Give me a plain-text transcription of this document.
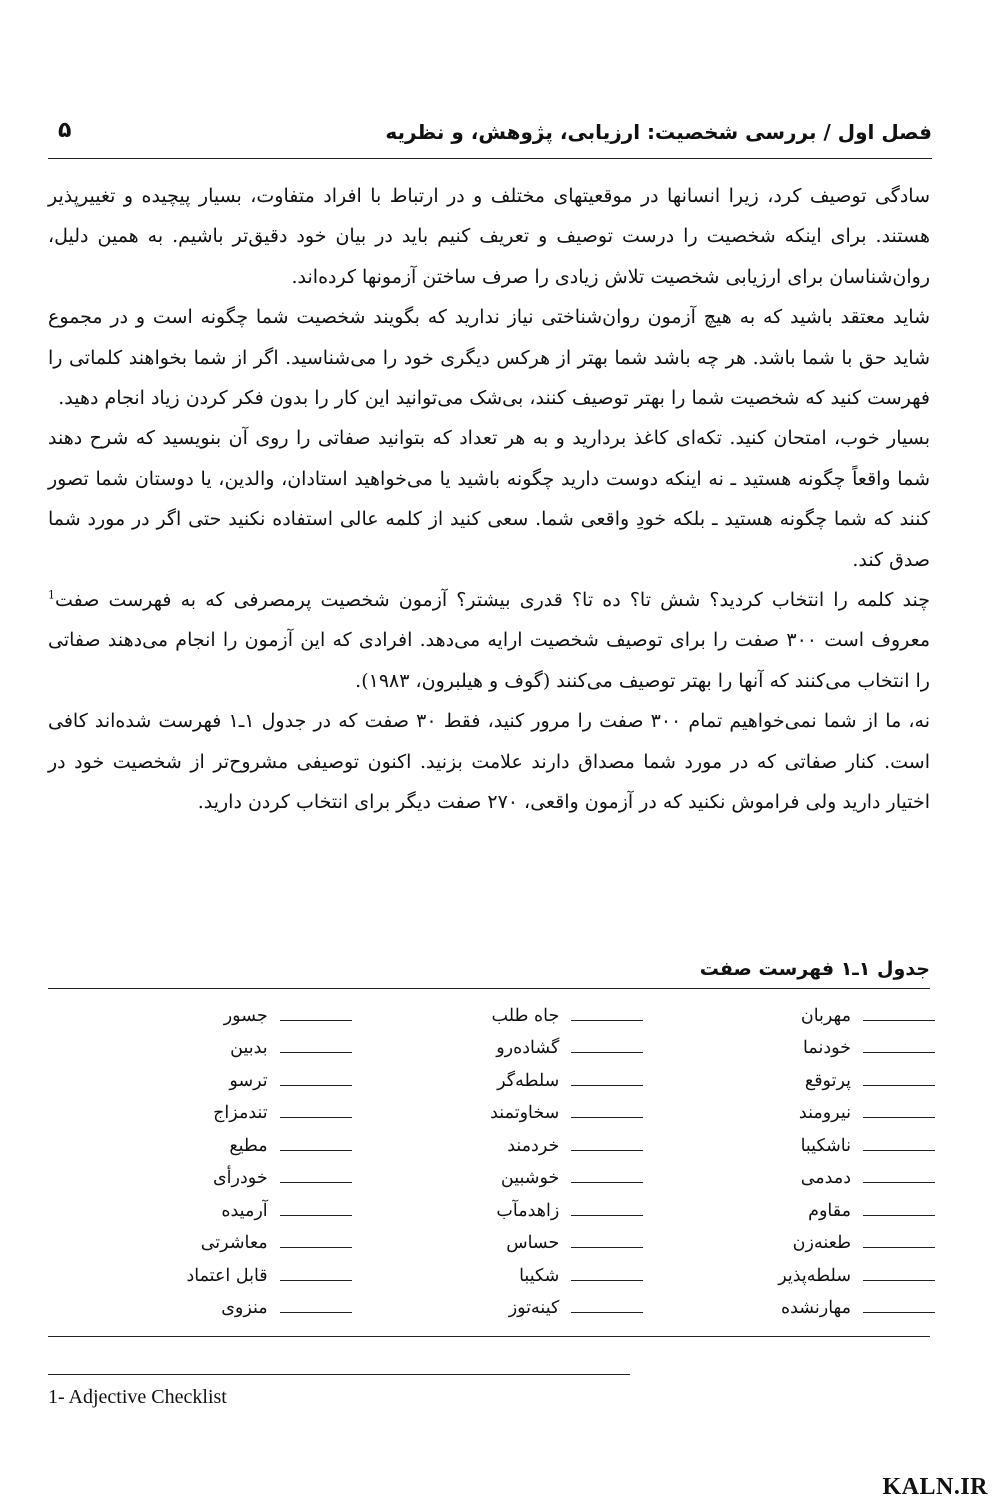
فصل اول / بررسی شخصیت: ارزیابی، پژوهش، و نظریه
۵

سادگی توصیف کرد، زیرا انسانها در موقعیتهای مختلف و در ارتباط با افراد متفاوت، بسیار پیچیده و تغییرپذیر هستند. برای اینکه شخصیت را درست توصیف و تعریف کنیم باید در بیان خود دقیق‌تر باشیم. به همین دلیل، روان‌شناسان برای ارزیابی شخصیت تلاش زیادی را صرف ساختن آزمونها کرده‌اند.

شاید معتقد باشید که به هیچ آزمون روان‌شناختی نیاز ندارید که بگویند شخصیت شما چگونه است و در مجموع شاید حق با شما باشد. هر چه باشد شما بهتر از هرکس دیگری خود را می‌شناسید. اگر از شما بخواهند کلماتی را فهرست کنید که شخصیت شما را بهتر توصیف کنند، بی‌شک می‌توانید این کار را بدون فکر کردن زیاد انجام دهید.

بسیار خوب، امتحان کنید. تکه‌ای کاغذ بردارید و به هر تعداد که بتوانید صفاتی را روی آن بنویسید که شرح دهند شما واقعاً چگونه هستید ـ نه اینکه دوست دارید چگونه باشید یا می‌خواهید استادان، والدین، یا دوستان شما تصور کنند که شما چگونه هستید ـ بلکه خودِ واقعی شما. سعی کنید از کلمه عالی استفاده نکنید حتی اگر در مورد شما صدق کند.

چند کلمه را انتخاب کردید؟ شش تا؟ ده تا؟ قدری بیشتر؟ آزمون شخصیت پرمصرفی که به فهرست صفت$^1$ معروف است ۳۰۰ صفت را برای توصیف شخصیت ارایه می‌دهد. افرادی که این آزمون را انجام می‌دهند صفاتی را انتخاب می‌کنند که آنها را بهتر توصیف می‌کنند (گوف و هیلبرون، ۱۹۸۳).

نه، ما از شما نمی‌خواهیم تمام ۳۰۰ صفت را مرور کنید، فقط ۳۰ صفت که در جدول ۱ـ۱ فهرست شده‌اند کافی است. کنار صفاتی که در مورد شما مصداق دارند علامت بزنید. اکنون توصیفی مشروح‌تر از شخصیت خود در اختیار دارید ولی فراموش نکنید که در آزمون واقعی، ۲۷۰ صفت دیگر برای انتخاب کردن دارید.

جدول ۱ـ۱ فهرست صفت
مهربان
خودنما
پرتوقع
نیرومند
ناشکیبا
دمدمی
مقاوم
طعنه‌زن
سلطه‌پذیر
مهارنشده
جاه طلب
گشاده‌رو
سلطه‌گر
سخاوتمند
خردمند
خوشبین
زاهدمآب
حساس
شکیبا
کینه‌توز
جسور
بدبین
ترسو
تندمزاج
مطیع
خودرأی
آرمیده
معاشرتی
قابل اعتماد
منزوی
1- Adjective Checklist
KALN.IR
